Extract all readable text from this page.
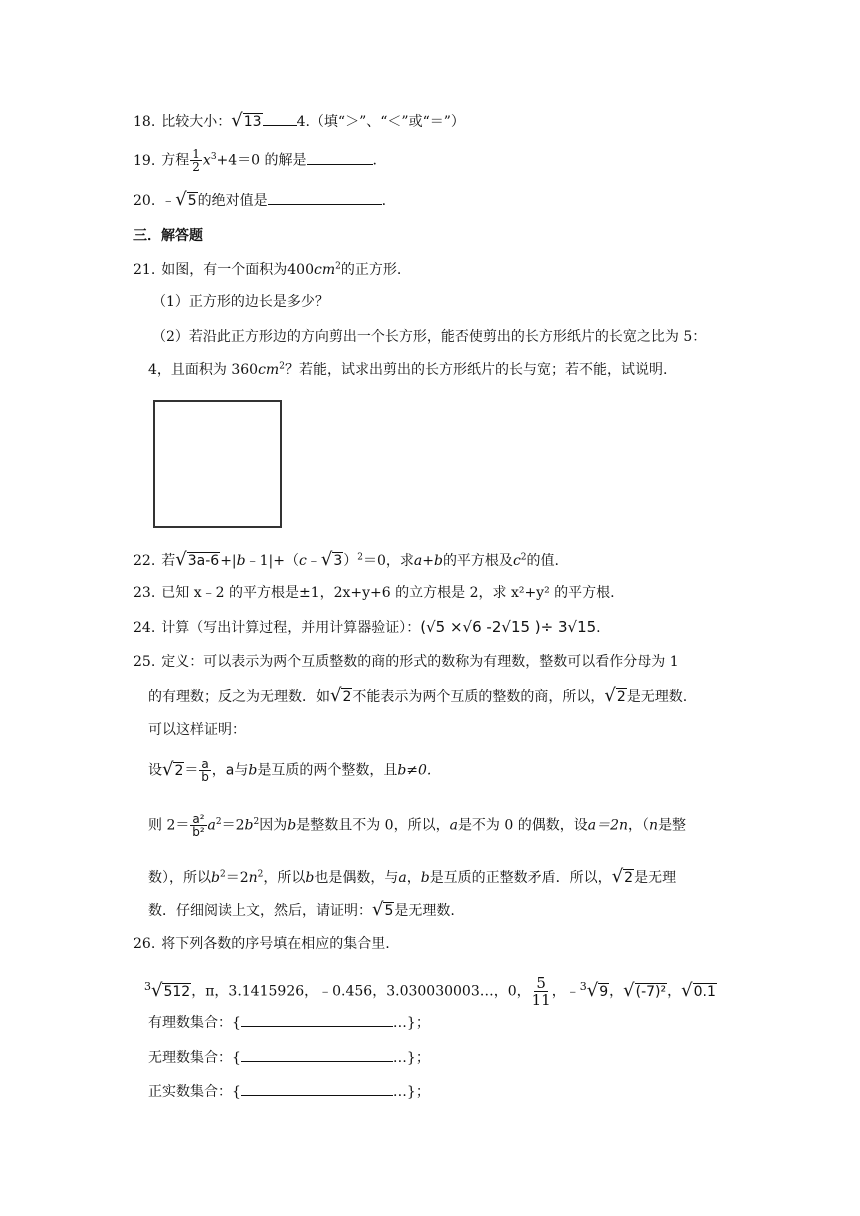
18. 比较大小：√13	4.（填“＞”、“＜”或“＝”）
19. 方程 $\frac{1}{2} x^3+4=0$ 的解是	.
20. ﹣√5的绝对值是	.
三．解答题
21. 如图，有一个面积为$400cm^2$的正方形.
（1）正方形的边长是多少？
（2）若沿此正方形边的方向剪出一个长方形，能否使剪出的长方形纸片的长宽之比为 5：
4，且面积为 $360cm^2$？若能，试求出剪出的长方形纸片的长与宽；若不能，试说明.
22. 若√3a-6+|b﹣1|+（c﹣√3）$^2$＝0，求a+b的平方根及$c^2$的值.
23. 已知 x﹣2 的平方根是±1，2x+y+6 的立方根是 2，求 x²+y² 的平方根.
24. 计算（写出计算过程，并用计算器验证）：(√5 ×√6 -2√15 )÷ 3√15.
25. 定义：可以表示为两个互质整数的商的形式的数称为有理数，整数可以看作分母为 1
的有理数；反之为无理数．如√2不能表示为两个互质的整数的商，所以，√2是无理数.
可以这样证明：
设$√2= \frac{a}{b}$ ，a与b是互质的两个整数，且b≠0.
则 $2= \frac{\text{a²}}{\text{b²}} a^2=2b^2$因为b是整数且不为 0，所以，a是不为 0 的偶数，设a＝2n，（n是整
数），所以$b^2=2n^2$，所以b也是偶数，与a，b是互质的正整数矛盾．所以，√2是无理
数．仔细阅读上文，然后，请证明：√5是无理数.
26. 将下列各数的序号填在相应的集合里.
$^3$√512，π，3.1415926，﹣0.456，3.030030003…，0， $\frac{5}{11}$ ，﹣$^3$√9，√(-7)²，√0.1
有理数集合：{	…}；
无理数集合：{	…}；
正实数集合：{	…}；
